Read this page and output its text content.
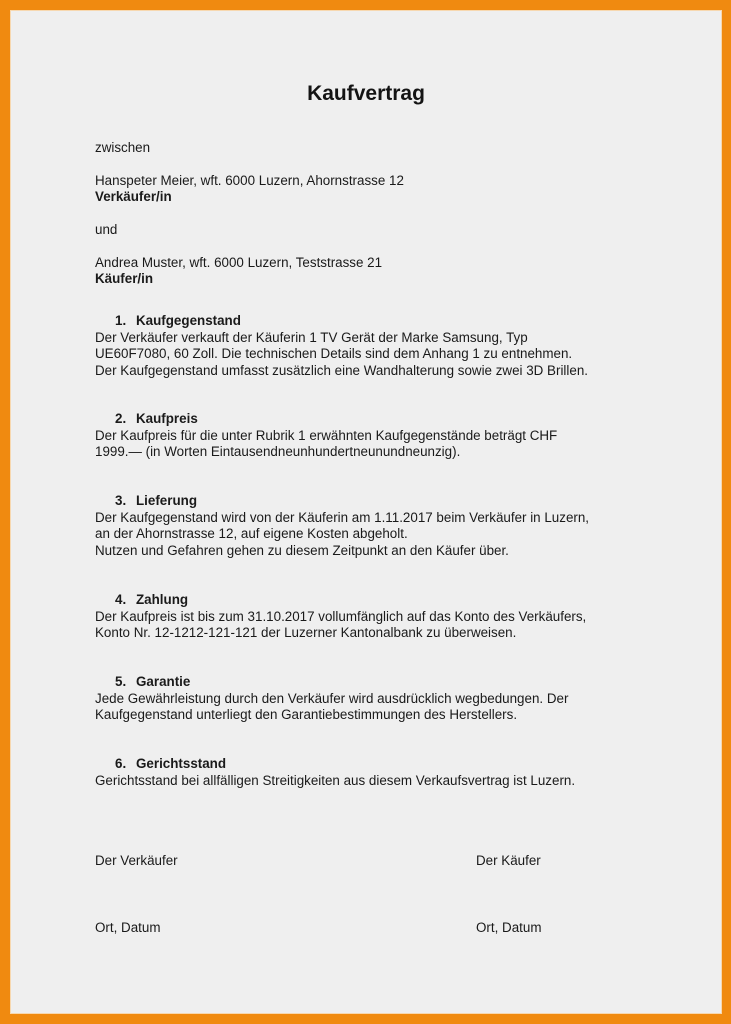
Kaufvertrag
zwischen
Hanspeter Meier, wft. 6000 Luzern, Ahornstrasse 12
Verkäufer/in
und
Andrea Muster, wft. 6000 Luzern, Teststrasse 21
Käufer/in
1. Kaufgegenstand
Der Verkäufer verkauft der Käuferin 1 TV Gerät der Marke Samsung, Typ
UE60F7080, 60 Zoll. Die technischen Details sind dem Anhang 1 zu entnehmen.
Der Kaufgegenstand umfasst zusätzlich eine Wandhalterung sowie zwei 3D Brillen.
2. Kaufpreis
Der Kaufpreis für die unter Rubrik 1 erwähnten Kaufgegenstände beträgt CHF
1999.— (in Worten Eintausendneunhundertneunundneunzig).
3. Lieferung
Der Kaufgegenstand wird von der Käuferin am 1.11.2017 beim Verkäufer in Luzern,
an der Ahornstrasse 12, auf eigene Kosten abgeholt.
Nutzen und Gefahren gehen zu diesem Zeitpunkt an den Käufer über.
4. Zahlung
Der Kaufpreis ist bis zum 31.10.2017 vollumfänglich auf das Konto des Verkäufers,
Konto Nr. 12-1212-121-121 der Luzerner Kantonalbank zu überweisen.
5. Garantie
Jede Gewährleistung durch den Verkäufer wird ausdrücklich wegbedungen. Der
Kaufgegenstand unterliegt den Garantiebestimmungen des Herstellers.
6. Gerichtsstand
Gerichtsstand bei allfälligen Streitigkeiten aus diesem Verkaufsvertrag ist Luzern.
Der Verkäufer	Der Käufer
Ort, Datum	Ort, Datum
